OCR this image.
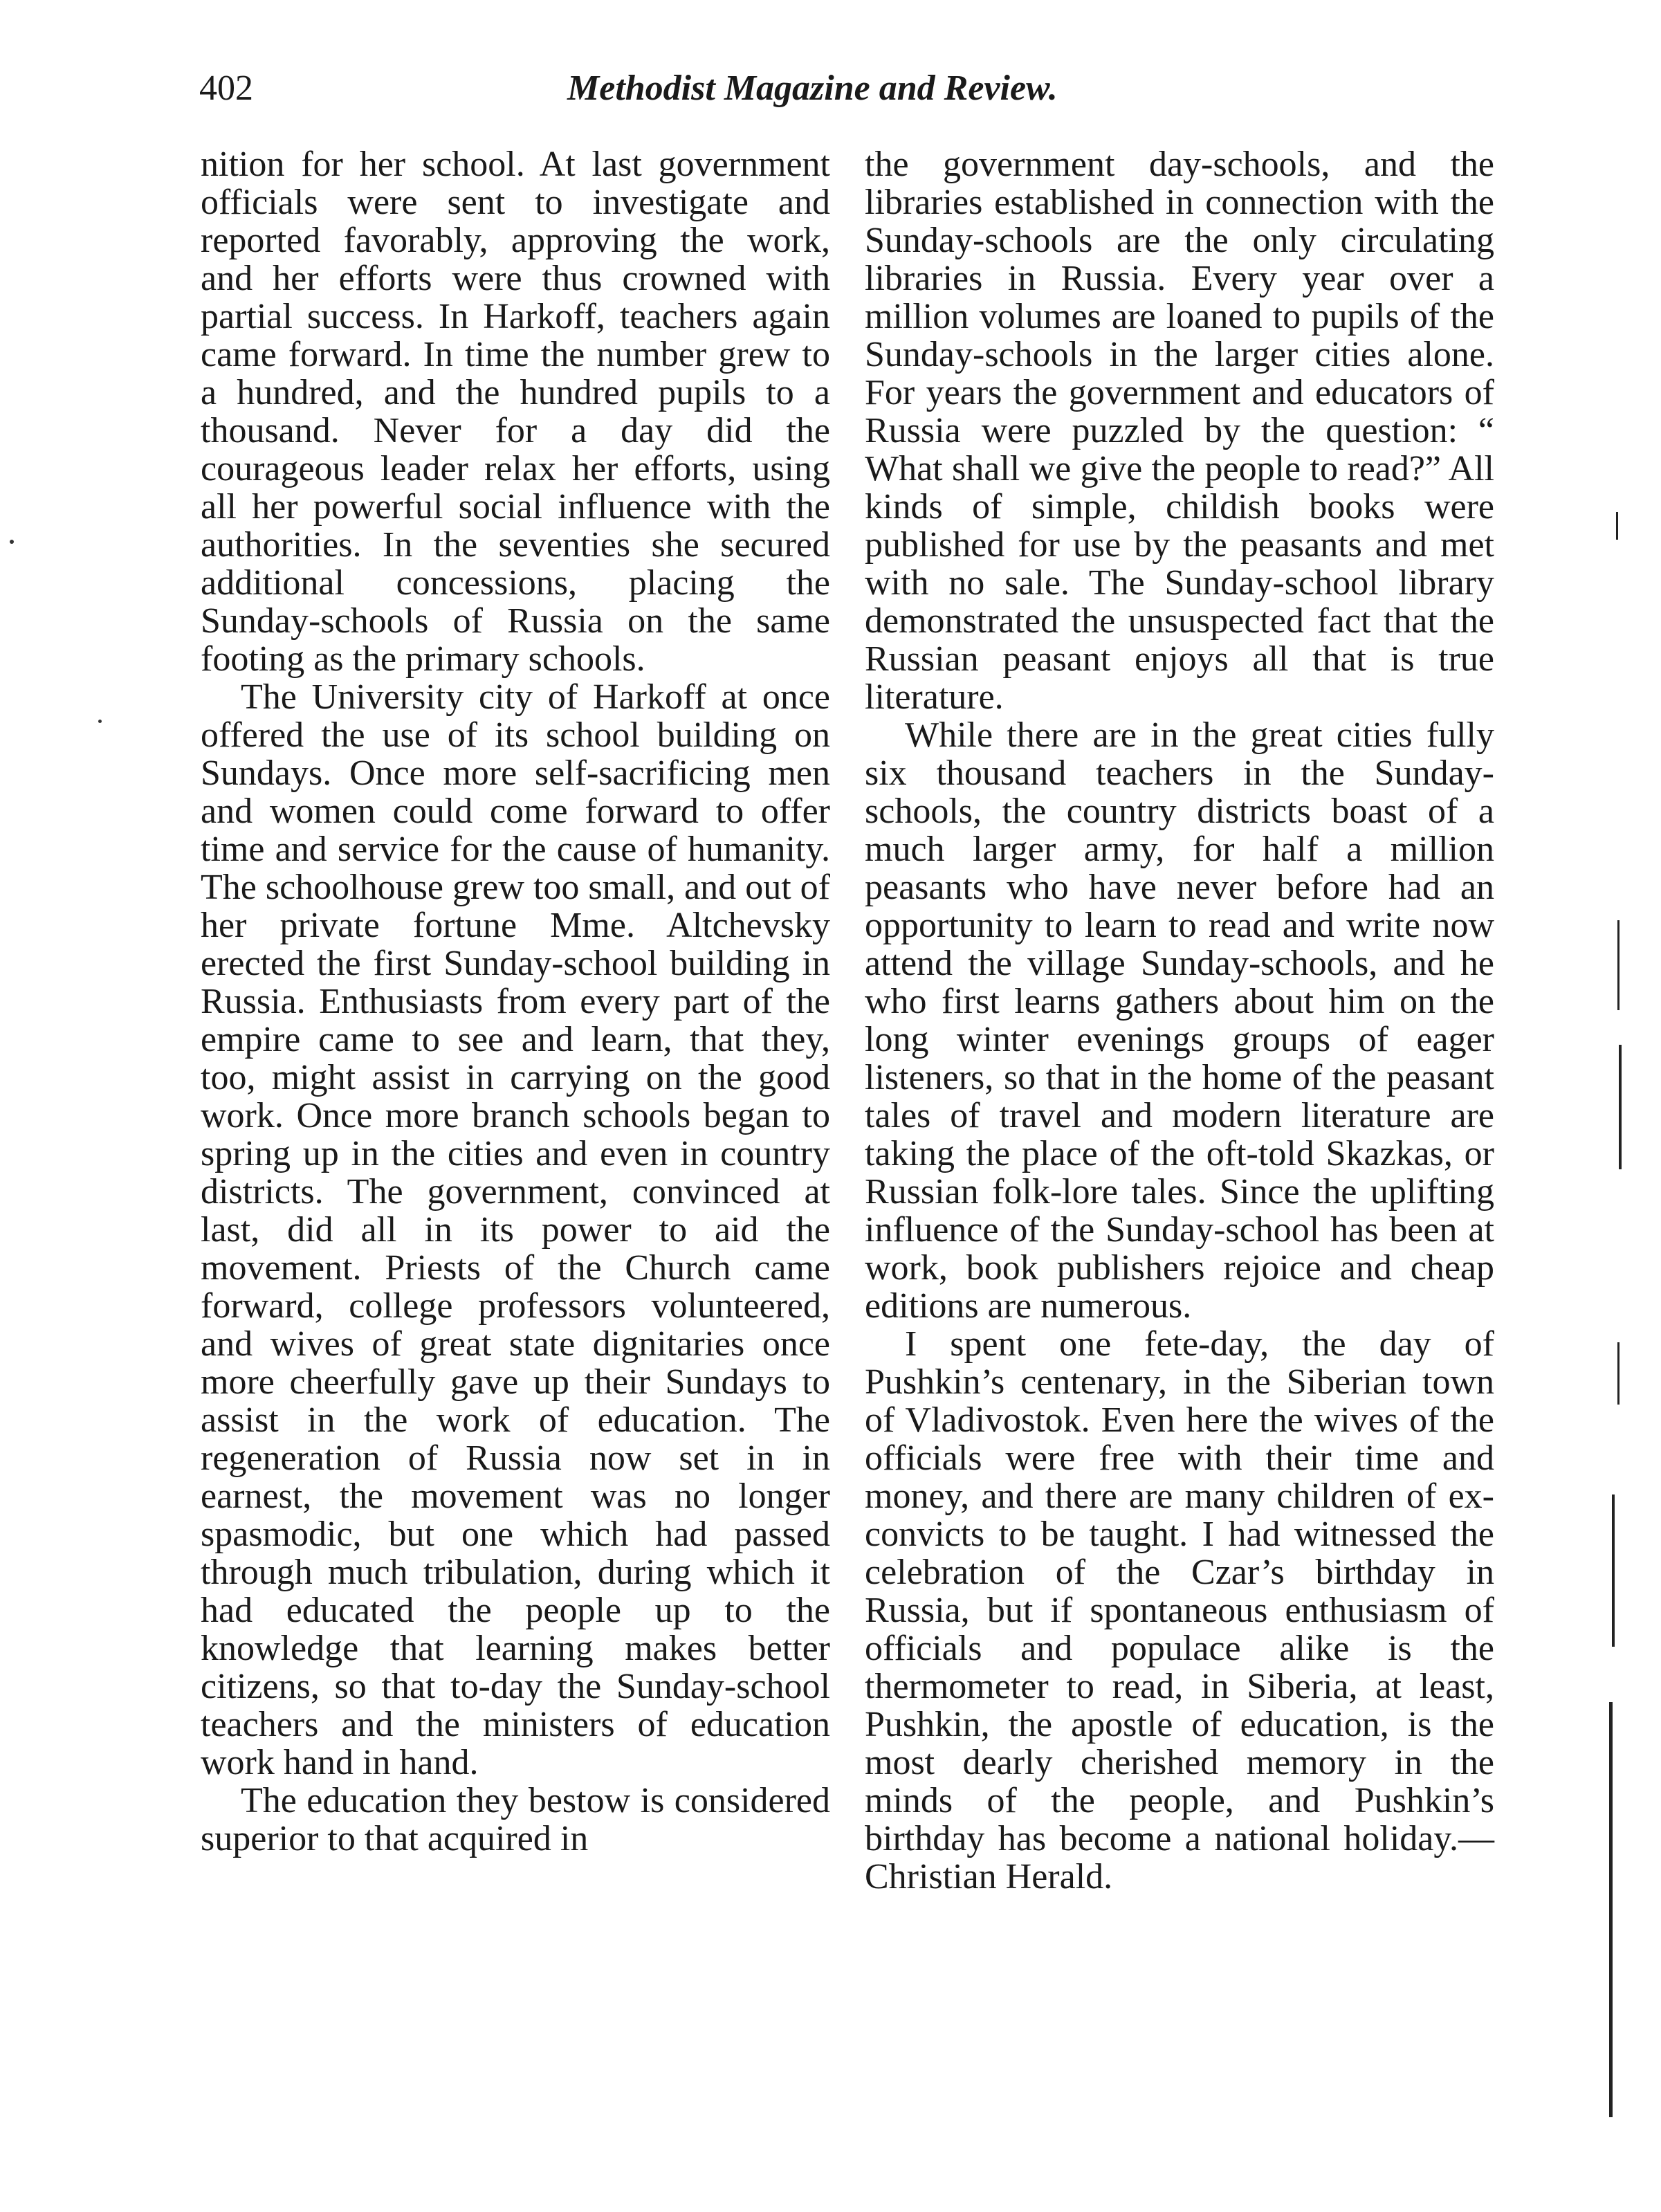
402	Methodist Magazine and Review.

nition for her school. At last government officials were sent to investigate and reported favorably, approving the work, and her efforts were thus crowned with partial success. In Harkoff, teachers again came forward. In time the number grew to a hundred, and the hundred pupils to a thousand. Never for a day did the courageous leader relax her efforts, using all her powerful social influence with the authorities. In the seventies she secured additional concessions, placing the Sunday-schools of Russia on the same footing as the primary schools.

The University city of Harkoff at once offered the use of its school building on Sundays. Once more self-sacrificing men and women could come forward to offer time and service for the cause of humanity. The schoolhouse grew too small, and out of her private fortune Mme. Altchevsky erected the first Sunday-school building in Russia. Enthusiasts from every part of the empire came to see and learn, that they, too, might assist in carrying on the good work. Once more branch schools began to spring up in the cities and even in country districts. The government, convinced at last, did all in its power to aid the movement. Priests of the Church came forward, college professors volunteered, and wives of great state dignitaries once more cheerfully gave up their Sundays to assist in the work of education. The regeneration of Russia now set in in earnest, the movement was no longer spasmodic, but one which had passed through much tribulation, during which it had educated the people up to the knowledge that learning makes better citizens, so that to-day the Sunday-school teachers and the ministers of education work hand in hand.

The education they bestow is considered superior to that acquired in

the government day-schools, and the libraries established in connection with the Sunday-schools are the only circulating libraries in Russia. Every year over a million volumes are loaned to pupils of the Sunday-schools in the larger cities alone. For years the government and educators of Russia were puzzled by the question: “ What shall we give the people to read?” All kinds of simple, childish books were published for use by the peasants and met with no sale. The Sunday-school library demonstrated the unsuspected fact that the Russian peasant enjoys all that is true literature.

While there are in the great cities fully six thousand teachers in the Sunday-schools, the country districts boast of a much larger army, for half a million peasants who have never before had an opportunity to learn to read and write now attend the village Sunday-schools, and he who first learns gathers about him on the long winter evenings groups of eager listeners, so that in the home of the peasant tales of travel and modern literature are taking the place of the oft-told Skazkas, or Russian folk-lore tales. Since the uplifting influence of the Sunday-school has been at work, book publishers rejoice and cheap editions are numerous.

I spent one fete-day, the day of Pushkin’s centenary, in the Siberian town of Vladivostok. Even here the wives of the officials were free with their time and money, and there are many children of ex-convicts to be taught. I had witnessed the celebration of the Czar’s birthday in Russia, but if spontaneous enthusiasm of officials and populace alike is the thermometer to read, in Siberia, at least, Pushkin, the apostle of education, is the most dearly cherished memory in the minds of the people, and Pushkin’s birthday has become a national holiday.—Christian Herald.
